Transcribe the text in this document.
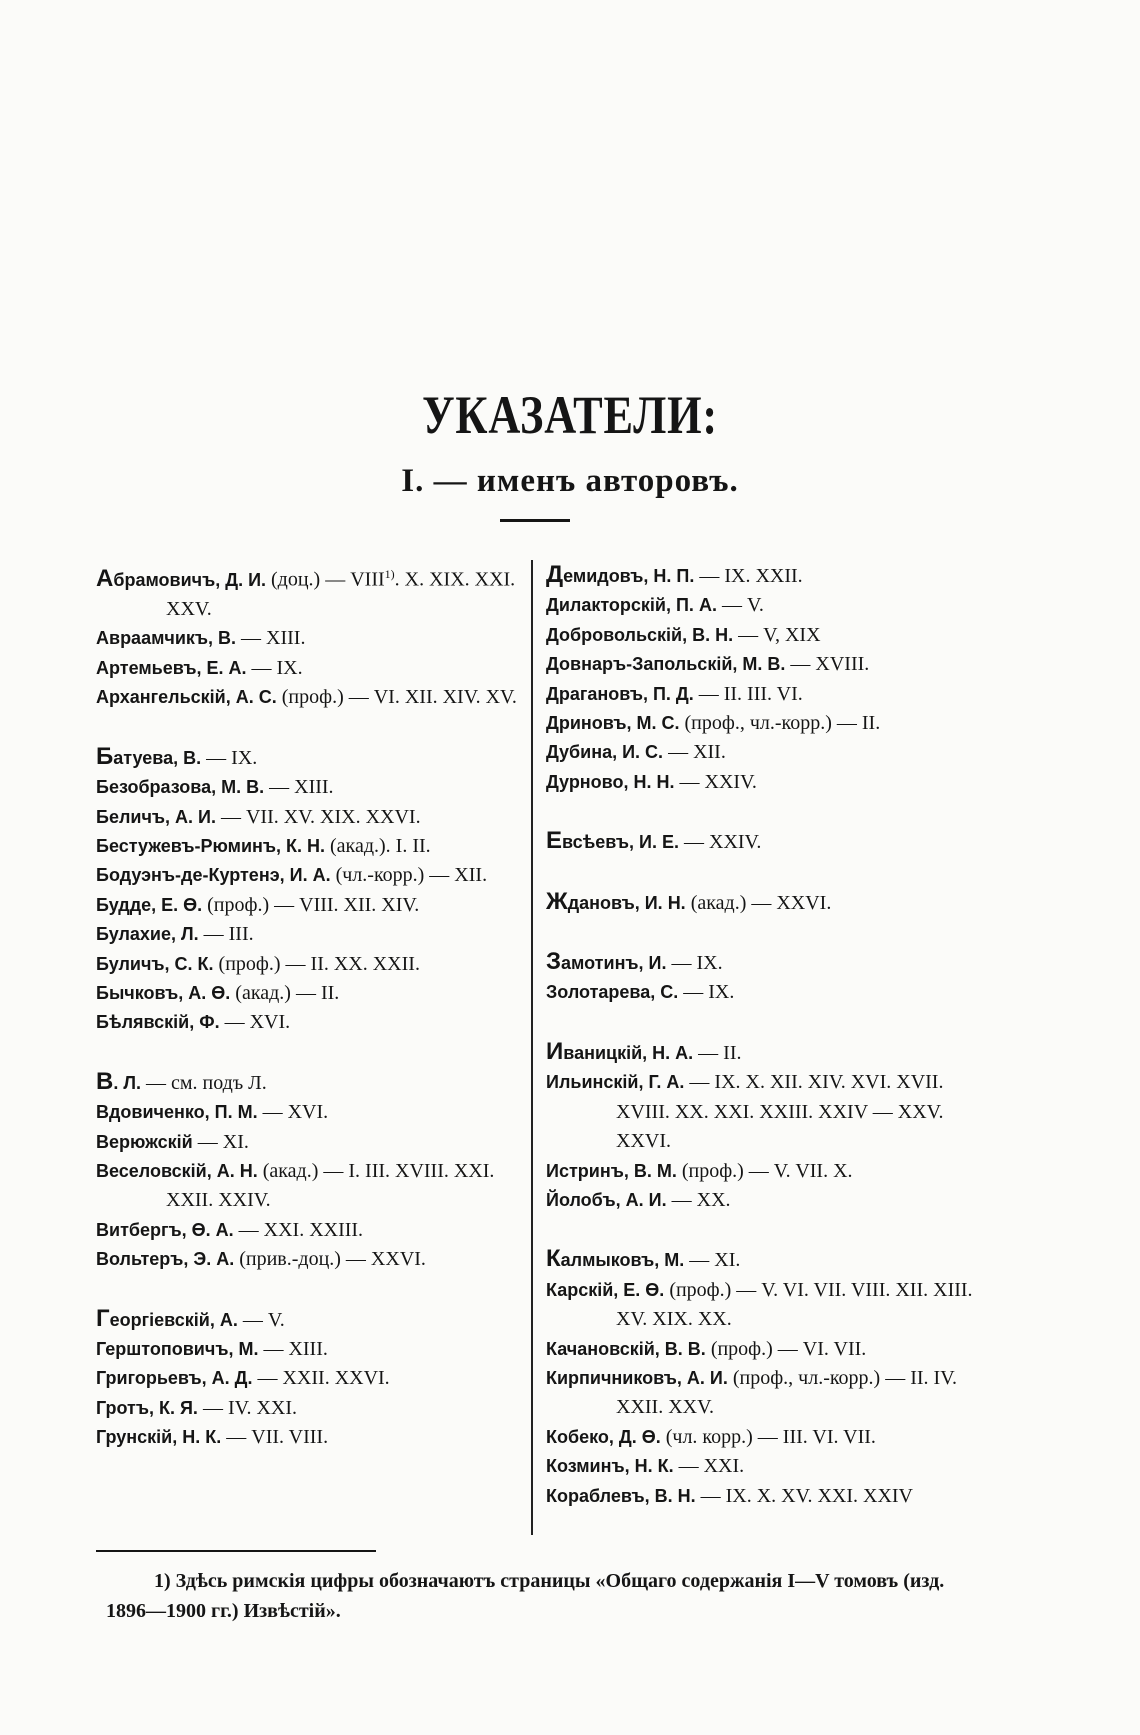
УКАЗАТЕЛИ:
I. — именъ авторовъ.
Абрамовичъ, Д. И. (доц.) — VIII$^{1)}$. X. XIX. XXI. XXV.
Авраамчикъ, В. — XIII.
Артемьевъ, Е. А. — IX.
Архангельскій, А. С. (проф.) — VI. XII. XIV. XV.
Батуева, В. — IX.
Безобразова, М. В. — XIII.
Беличъ, А. И. — VII. XV. XIX. XXVI.
Бестужевъ-Рюминъ, К. Н. (акад.). I. II.
Бодуэнъ-де-Куртенэ, И. А. (чл.-корр.) — XII.
Будде, Е. Ө. (проф.) — VIII. XII. XIV.
Булахие, Л. — III.
Буличъ, С. К. (проф.) — II. XX. XXII.
Бычковъ, А. Ө. (акад.) — II.
Бѣлявскій, Ф. — XVI.
В. Л. — см. подъ Л.
Вдовиченко, П. М. — XVI.
Верюжскій — XI.
Веселовскій, А. Н. (акад.) — I. III. XVIII. XXI. XXII. XXIV.
Витбергъ, Ө. А. — XXI. XXIII.
Вольтеръ, Э. А. (прив.-доц.) — XXVI.
Георгіевскій, А. — V.
Герштоповичъ, М. — XIII.
Григорьевъ, А. Д. — XXII. XXVI.
Гротъ, К. Я. — IV. XXI.
Грунскій, Н. К. — VII. VIII.
Демидовъ, Н. П. — IX. XXII.
Дилакторскій, П. А. — V.
Добровольскій, В. Н. — V, XIX
Довнаръ-Запольскій, М. В. — XVIII.
Драгановъ, П. Д. — II. III. VI.
Дриновъ, М. С. (проф., чл.-корр.) — II.
Дубина, И. С. — XII.
Дурново, Н. Н. — XXIV.
Евсѣевъ, И. Е. — XXIV.
Ждановъ, И. Н. (акад.) — XXVI.
Замотинъ, И. — IX.
Золотарева, С. — IX.
Иваницкій, Н. А. — II.
Ильинскій, Г. А. — IX. X. XII. XIV. XVI. XVII. XVIII. XX. XXI. XXIII. XXIV — XXV. XXVI.
Истринъ, В. М. (проф.) — V. VII. X.
Йолобъ, А. И. — XX.
Калмыковъ, М. — XI.
Карскій, Е. Ө. (проф.) — V. VI. VII. VIII. XII. XIII. XV. XIX. XX.
Качановскій, В. В. (проф.) — VI. VII.
Кирпичниковъ, А. И. (проф., чл.-корр.) — II. IV. XXII. XXV.
Кобеко, Д. Ө. (чл. корр.) — III. VI. VII.
Козминъ, Н. К. — XXI.
Кораблевъ, В. Н. — IX. X. XV. XXI. XXIV
1) Здѣсь римскія цифры обозначаютъ страницы «Общаго содержанія I—V томовъ (изд. 1896—1900 гг.) Извѣстій».
